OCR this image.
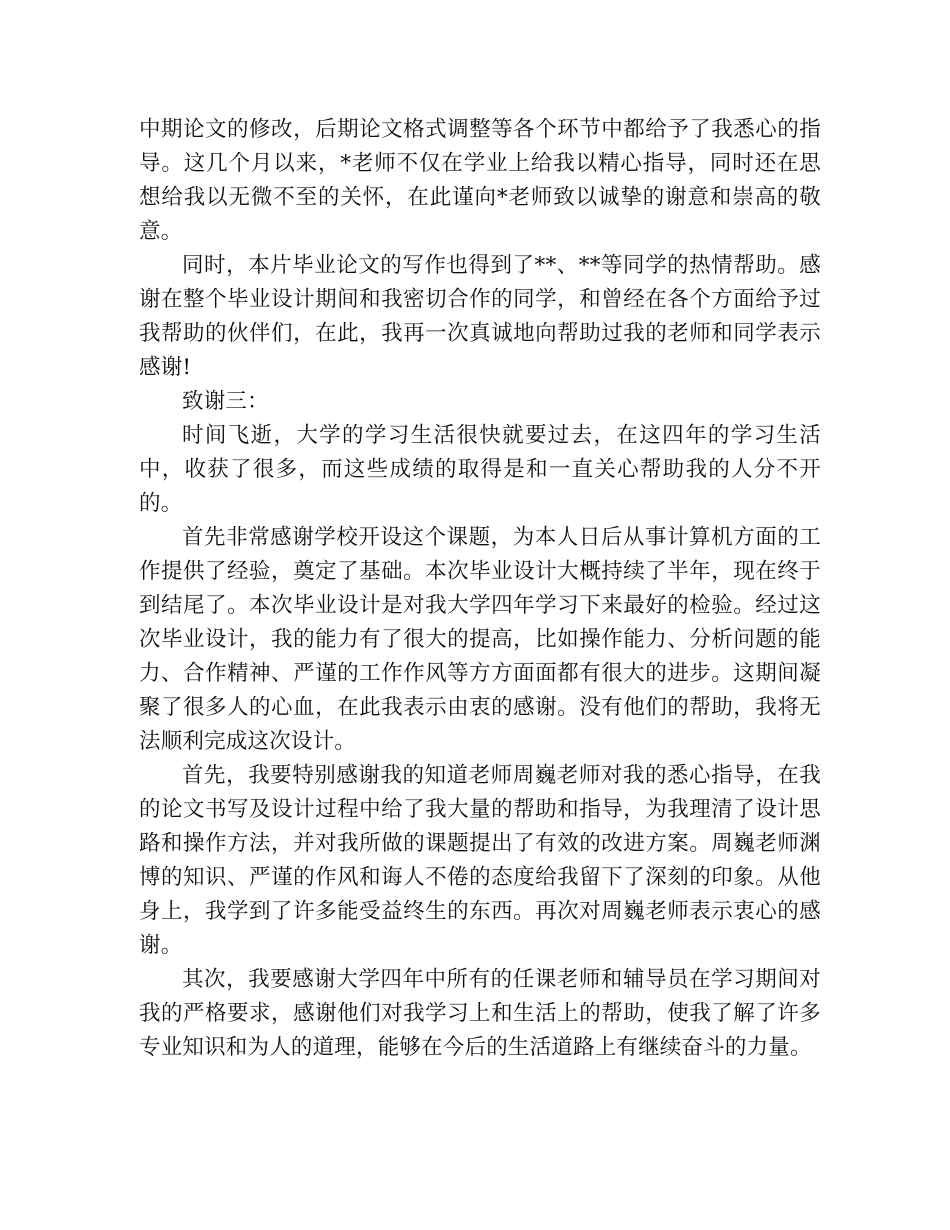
中期论文的修改，后期论文格式调整等各个环节中都给予了我悉心的指导。这几个月以来，*老师不仅在学业上给我以精心指导，同时还在思想给我以无微不至的关怀，在此谨向*老师致以诚挚的谢意和崇高的敬意。

同时，本片毕业论文的写作也得到了**、**等同学的热情帮助。感谢在整个毕业设计期间和我密切合作的同学，和曾经在各个方面给予过我帮助的伙伴们，在此，我再一次真诚地向帮助过我的老师和同学表示感谢!

致谢三：

时间飞逝，大学的学习生活很快就要过去，在这四年的学习生活中，收获了很多，而这些成绩的取得是和一直关心帮助我的人分不开的。

首先非常感谢学校开设这个课题，为本人日后从事计算机方面的工作提供了经验，奠定了基础。本次毕业设计大概持续了半年，现在终于到结尾了。本次毕业设计是对我大学四年学习下来最好的检验。经过这次毕业设计，我的能力有了很大的提高，比如操作能力、分析问题的能力、合作精神、严谨的工作作风等方方面面都有很大的进步。这期间凝聚了很多人的心血，在此我表示由衷的感谢。没有他们的帮助，我将无法顺利完成这次设计。

首先，我要特别感谢我的知道老师周巍老师对我的悉心指导，在我的论文书写及设计过程中给了我大量的帮助和指导，为我理清了设计思路和操作方法，并对我所做的课题提出了有效的改进方案。周巍老师渊博的知识、严谨的作风和诲人不倦的态度给我留下了深刻的印象。从他身上，我学到了许多能受益终生的东西。再次对周巍老师表示衷心的感谢。

其次，我要感谢大学四年中所有的任课老师和辅导员在学习期间对我的严格要求，感谢他们对我学习上和生活上的帮助，使我了解了许多专业知识和为人的道理，能够在今后的生活道路上有继续奋斗的力量。
